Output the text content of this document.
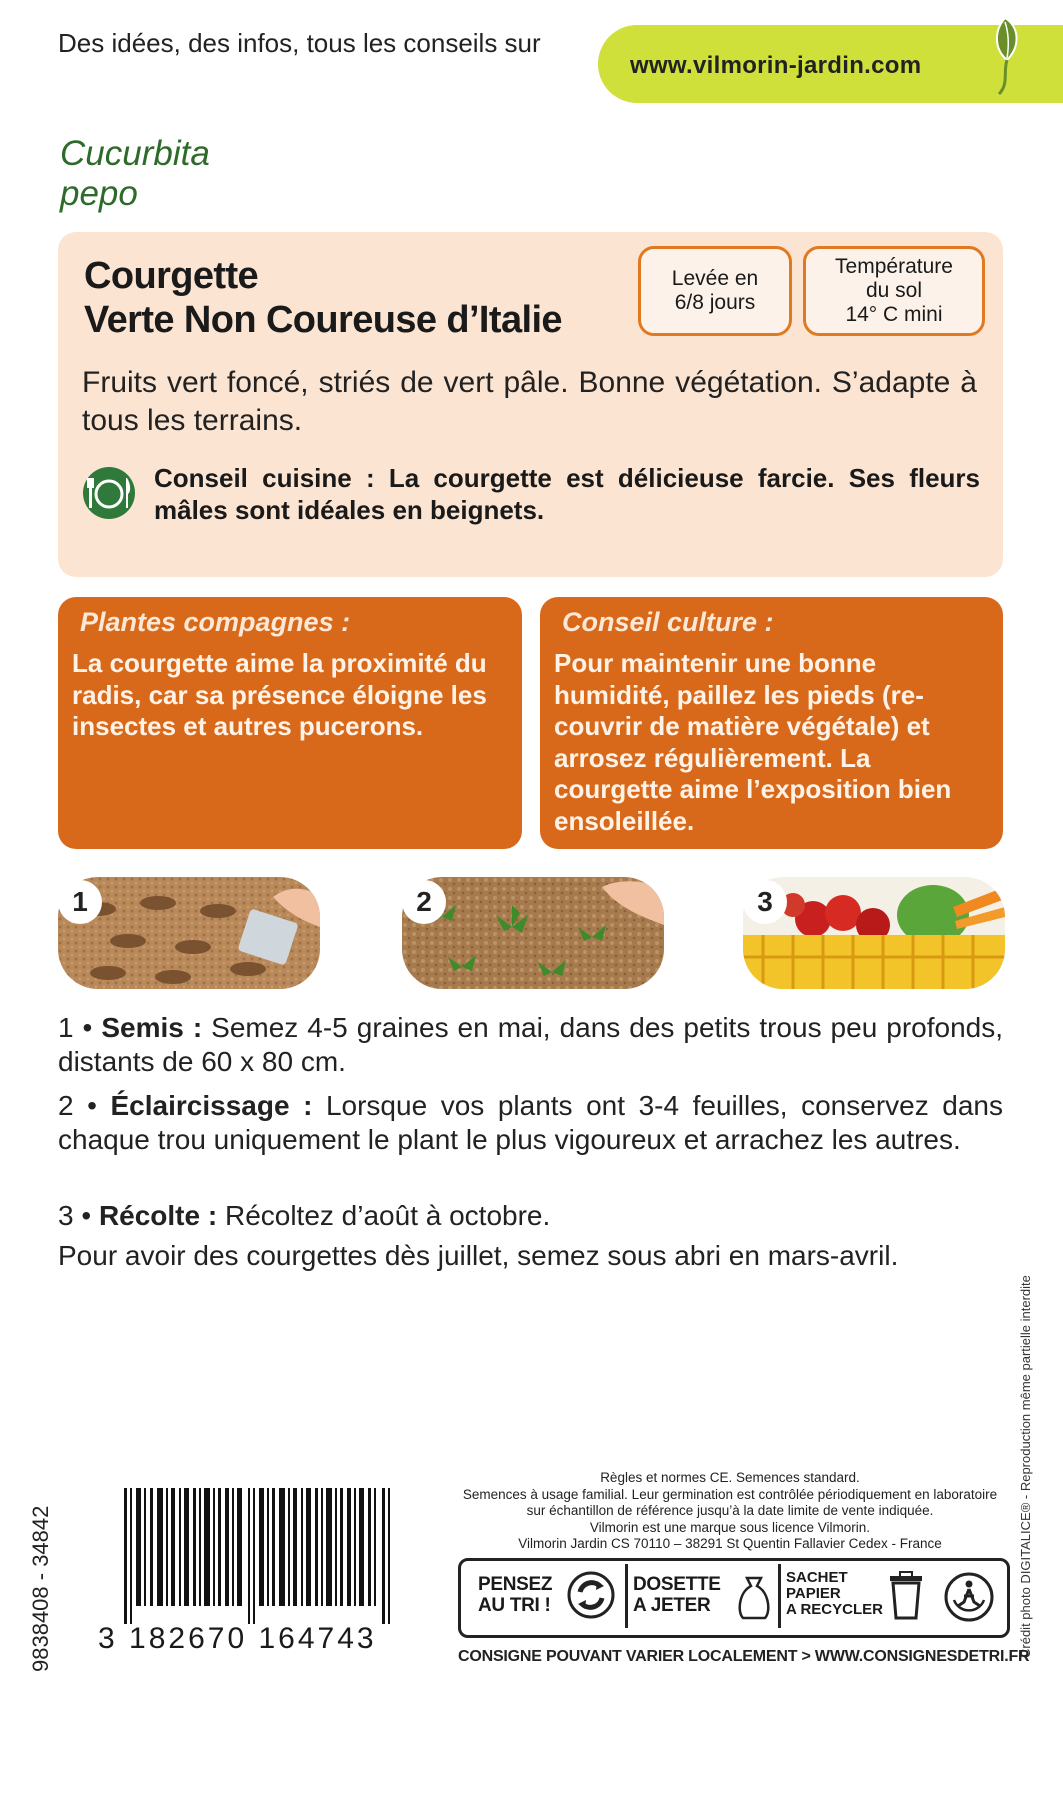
Des idées, des infos, tous les conseils sur
www.vilmorin-jardin.com
Cucurbita
pepo
Courgette
Verte Non Coureuse d’Italie
Levée en
6/8 jours
Température
du sol
14° C mini
Fruits vert foncé, striés de vert pâle. Bonne végétation. S’adapte à tous les terrains.
Conseil cuisine : La courgette est délicieuse farcie. Ses fleurs mâles sont idéales en beignets.
Plantes compagnes :
La courgette aime la proximité du radis, car sa présence éloigne les insectes et autres pucerons.
Conseil culture :
Pour maintenir une bonne humidité, paillez les pieds (re-couvrir de matière végétale) et arrosez régulièrement. La courgette aime l’exposition bien ensoleillée.
1	2	3
1 • Semis : Semez 4-5 graines en mai, dans des petits trous peu profonds, distants de 60 x 80 cm.
2 • Éclaircissage : Lorsque vos plants ont 3-4 feuilles, conservez dans chaque trou uniquement le plant le plus vigoureux et arrachez les autres.
3 • Récolte : Récoltez d’août à octobre.
Pour avoir des courgettes dès juillet, semez sous abri en mars-avril.
Crédit photo DIGITALICE® - Reproduction même partielle interdite
9838408 - 34842 3 182670 164743
Règles et normes CE. Semences standard.
Semences à usage familial. Leur germination est contrôlée périodiquement en laboratoire sur échantillon de référence jusqu’à la date limite de vente indiquée.
Vilmorin est une marque sous licence Vilmorin.
Vilmorin Jardin CS 70110 – 38291 St Quentin Fallavier Cedex - France
PENSEZ
AU TRI !
DOSETTE
A JETER
SACHET
PAPIER
A RECYCLER
CONSIGNE POUVANT VARIER LOCALEMENT > WWW.CONSIGNESDETRI.FR
